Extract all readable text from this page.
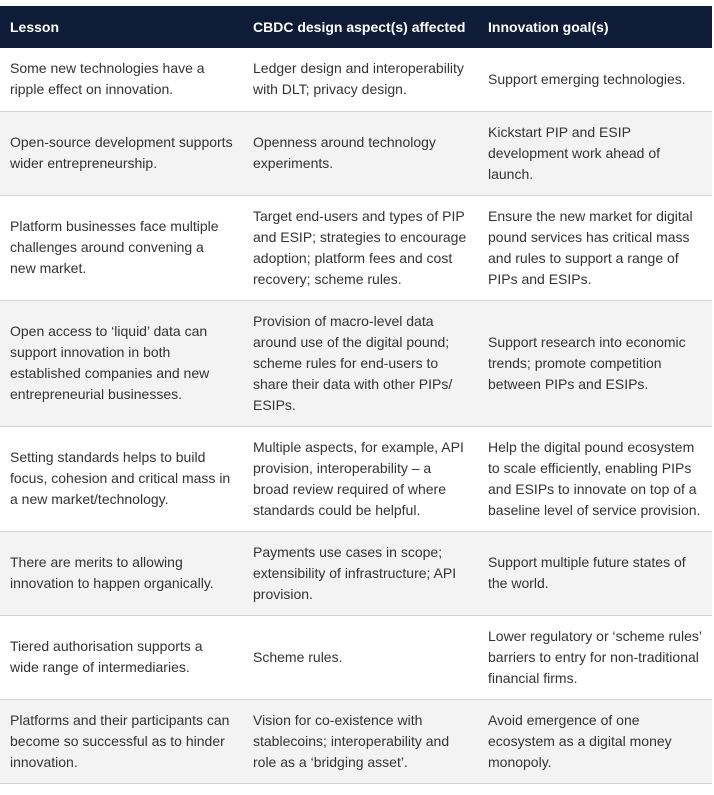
Lesson	CBDC design aspect(s) affected	Innovation goal(s)
Some new technologies have a ripple effect on innovation.	Ledger design and interoperability with DLT; privacy design.	Support emerging technologies.
Open-source development supports wider entrepreneurship.	Openness around technology experiments.	Kickstart PIP and ESIP development work ahead of launch.
Platform businesses face multiple challenges around convening a new market.	Target end-users and types of PIP and ESIP; strategies to encourage adoption; platform fees and cost recovery; scheme rules.	Ensure the new market for digital pound services has critical mass and rules to support a range of PIPs and ESIPs.
Open access to ‘liquid’ data can support innovation in both established companies and new entrepreneurial businesses.	Provision of macro-level data around use of the digital pound; scheme rules for end-users to share their data with other PIPs/ ESIPs.	Support research into economic trends; promote competition between PIPs and ESIPs.
Setting standards helps to build focus, cohesion and critical mass in a new market/technology.	Multiple aspects, for example, API provision, interoperability – a broad review required of where standards could be helpful.	Help the digital pound ecosystem to scale efficiently, enabling PIPs and ESIPs to innovate on top of a baseline level of service provision.
There are merits to allowing innovation to happen organically.	Payments use cases in scope; extensibility of infrastructure; API provision.	Support multiple future states of the world.
Tiered authorisation supports a wide range of intermediaries.	Scheme rules.	Lower regulatory or ‘scheme rules’ barriers to entry for non-traditional financial firms.
Platforms and their participants can become so successful as to hinder innovation.	Vision for co-existence with stablecoins; interoperability and role as a ‘bridging asset’.	Avoid emergence of one ecosystem as a digital money monopoly.
